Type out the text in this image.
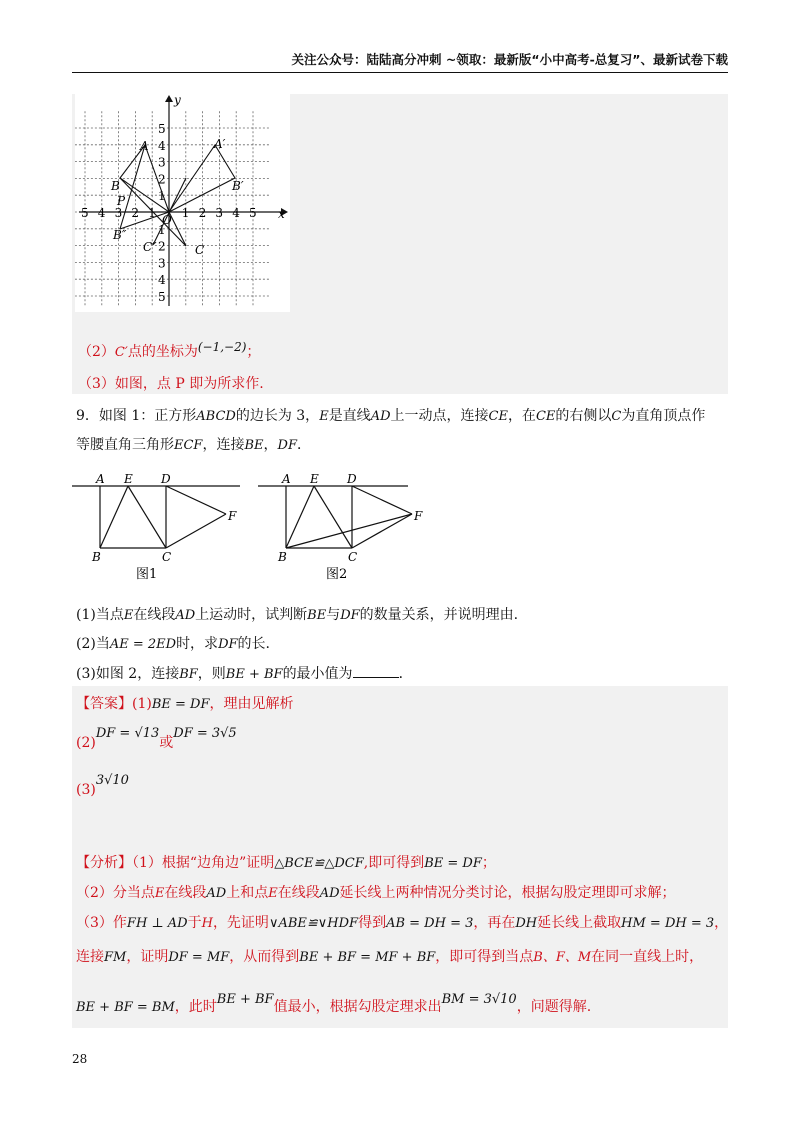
关注公众号：陆陆高分冲刺 ~领取：最新版“小中高考-总复习”、最新试卷下载
x
y
O
5 4 3 2 1 1 2 3 4 5
5
4
3
2
1
1
2
3
4
5
A
B
P
B″
C″	C
A′
B′
（2）C′点的坐标为(−1,−2)；
（3）如图，点 P 即为所求作.
9．如图 1：正方形ABCD的边长为 3，E是直线AD上一动点，连接CE，在CE的右侧以C为直角顶点作
等腰直角三角形ECF，连接BE，DF．
A E D
F
B	C
图1
A E D
F
B	C
图2
(1)当点E在线段AD上运动时，试判断BE与DF的数量关系，并说明理由.
(2)当AE = 2ED时，求DF的长.
(3)如图 2，连接BF，则BE + BF的最小值为	．
【答案】(1)BE = DF，理由见解析
(2)DF = √13或DF = 3√5
(3)3√10
【分析】（1）根据“边角边”证明△BCE≌△DCF,即可得到BE = DF；
（2）分当点E在线段AD上和点E在线段AD延长线上两种情况分类讨论，根据勾股定理即可求解；
（3）作FH ⊥ AD于H，先证明∨ABE≌∨HDF得到AB = DH = 3，再在DH延长线上截取HM = DH = 3，
连接FM，证明DF = MF，从而得到BE + BF = MF + BF，即可得到当点B、F、M在同一直线上时，
BE + BF = BM，此时BE + BF值最小，根据勾股定理求出BM = 3√10，问题得解.
28
